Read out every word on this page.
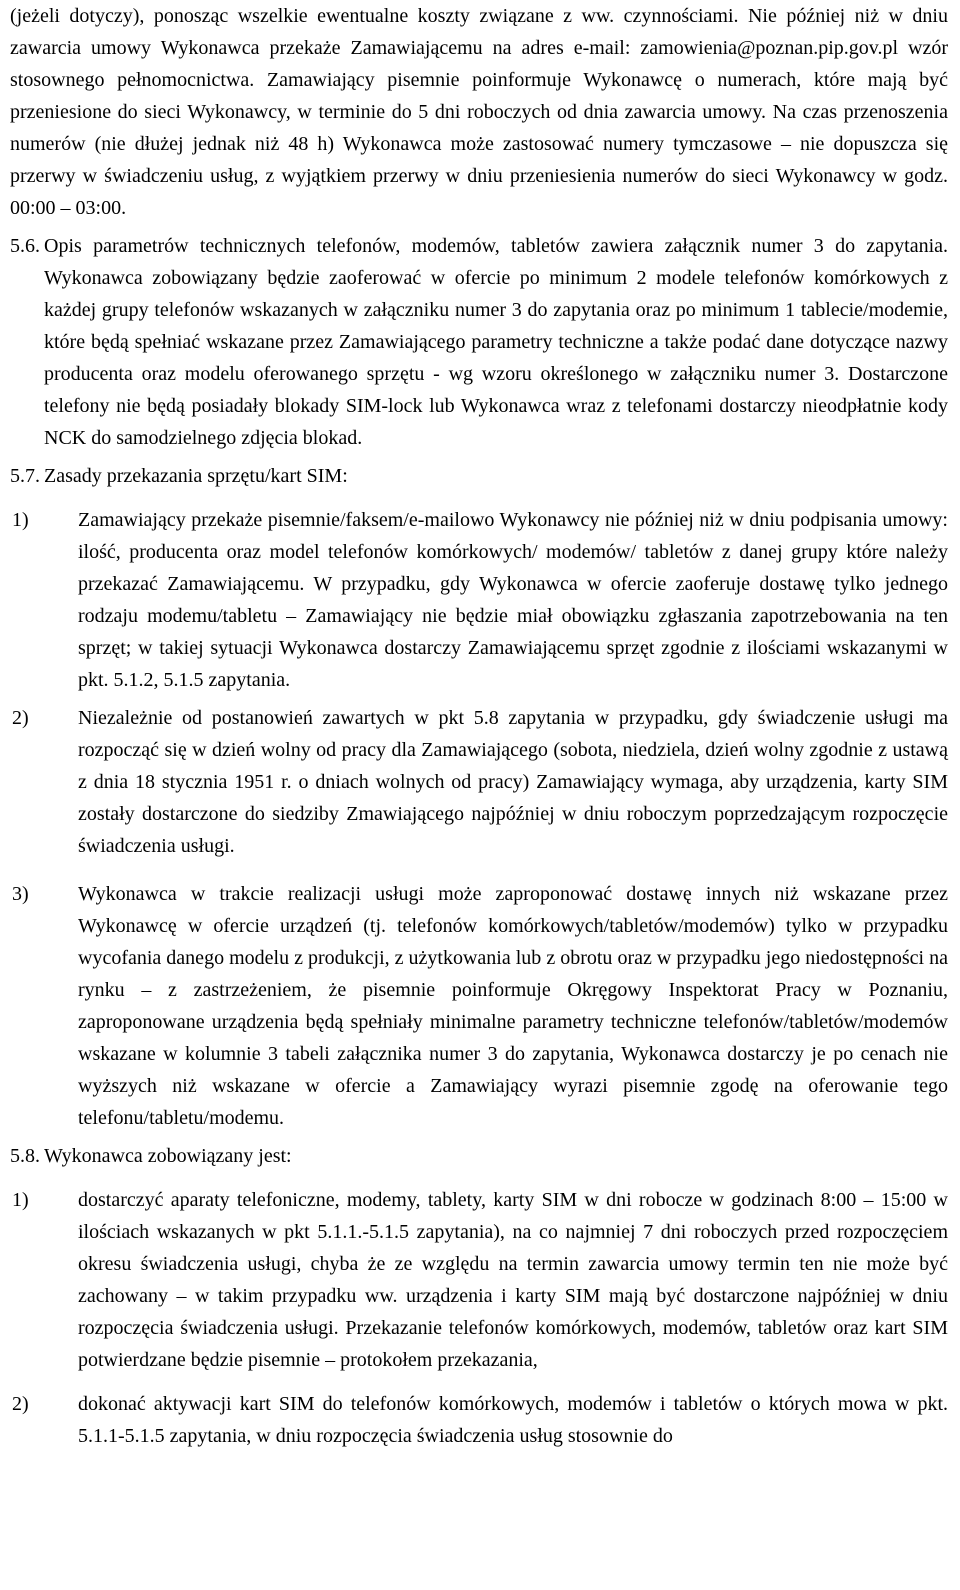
(jeżeli dotyczy), ponosząc wszelkie ewentualne koszty związane z ww. czynnościami. Nie później niż w dniu zawarcia umowy Wykonawca przekaże Zamawiającemu na adres e-mail: zamowienia@poznan.pip.gov.pl wzór stosownego pełnomocnictwa. Zamawiający pisemnie poinformuje Wykonawcę o numerach, które mają być przeniesione do sieci Wykonawcy, w terminie do 5 dni roboczych od dnia zawarcia umowy. Na czas przenoszenia numerów (nie dłużej jednak niż 48 h) Wykonawca może zastosować numery tymczasowe – nie dopuszcza się przerwy w świadczeniu usług, z wyjątkiem przerwy w dniu przeniesienia numerów do sieci Wykonawcy w godz. 00:00 – 03:00.

5.6. Opis parametrów technicznych telefonów, modemów, tabletów zawiera załącznik numer 3 do zapytania. Wykonawca zobowiązany będzie zaoferować w ofercie po minimum 2 modele telefonów komórkowych z każdej grupy telefonów wskazanych w załączniku numer 3 do zapytania oraz po minimum 1 tablecie/modemie, które będą spełniać wskazane przez Zamawiającego parametry techniczne a także podać dane dotyczące nazwy producenta oraz modelu oferowanego sprzętu - wg wzoru określonego w załączniku numer 3. Dostarczone telefony nie będą posiadały blokady SIM-lock lub Wykonawca wraz z telefonami dostarczy nieodpłatnie kody NCK do samodzielnego zdjęcia blokad.
5.7. Zasady przekazania sprzętu/kart SIM:
1)	Zamawiający przekaże pisemnie/faksem/e-mailowo Wykonawcy nie później niż w dniu podpisania umowy: ilość, producenta oraz model telefonów komórkowych/ modemów/ tabletów z danej grupy które należy przekazać Zamawiającemu. W przypadku, gdy Wykonawca w ofercie zaoferuje dostawę tylko jednego rodzaju modemu/tabletu – Zamawiający nie będzie miał obowiązku zgłaszania zapotrzebowania na ten sprzęt; w takiej sytuacji Wykonawca dostarczy Zamawiającemu sprzęt zgodnie z ilościami wskazanymi w pkt. 5.1.2, 5.1.5 zapytania.
2)	Niezależnie od postanowień zawartych w pkt 5.8 zapytania w przypadku, gdy świadczenie usługi ma rozpocząć się w dzień wolny od pracy dla Zamawiającego (sobota, niedziela, dzień wolny zgodnie z ustawą z dnia 18 stycznia 1951 r. o dniach wolnych od pracy) Zamawiający wymaga, aby urządzenia, karty SIM zostały dostarczone do siedziby Zmawiającego najpóźniej w dniu roboczym poprzedzającym rozpoczęcie świadczenia usługi.
3)	Wykonawca w trakcie realizacji usługi może zaproponować dostawę innych niż wskazane przez Wykonawcę w ofercie urządzeń (tj. telefonów komórkowych/tabletów/modemów) tylko w przypadku wycofania danego modelu z produkcji, z użytkowania lub z obrotu oraz w przypadku jego niedostępności na rynku – z zastrzeżeniem, że pisemnie poinformuje Okręgowy Inspektorat Pracy w Poznaniu, zaproponowane urządzenia będą spełniały minimalne parametry techniczne telefonów/tabletów/modemów wskazane w kolumnie 3 tabeli załącznika numer 3 do zapytania, Wykonawca dostarczy je po cenach nie wyższych niż wskazane w ofercie a Zamawiający wyrazi pisemnie zgodę na oferowanie tego telefonu/tabletu/modemu.
5.8. Wykonawca zobowiązany jest:
1)	dostarczyć aparaty telefoniczne, modemy, tablety, karty SIM w dni robocze w godzinach 8:00 – 15:00 w ilościach wskazanych w pkt 5.1.1.-5.1.5 zapytania), na co najmniej 7 dni roboczych przed rozpoczęciem okresu świadczenia usługi, chyba że ze względu na termin zawarcia umowy termin ten nie może być zachowany – w takim przypadku ww. urządzenia i karty SIM mają być dostarczone najpóźniej w dniu rozpoczęcia świadczenia usługi. Przekazanie telefonów komórkowych, modemów, tabletów oraz kart SIM potwierdzane będzie pisemnie – protokołem przekazania,
2)	dokonać aktywacji kart SIM do telefonów komórkowych, modemów i tabletów o których mowa w pkt. 5.1.1-5.1.5 zapytania, w dniu rozpoczęcia świadczenia usług stosownie do
